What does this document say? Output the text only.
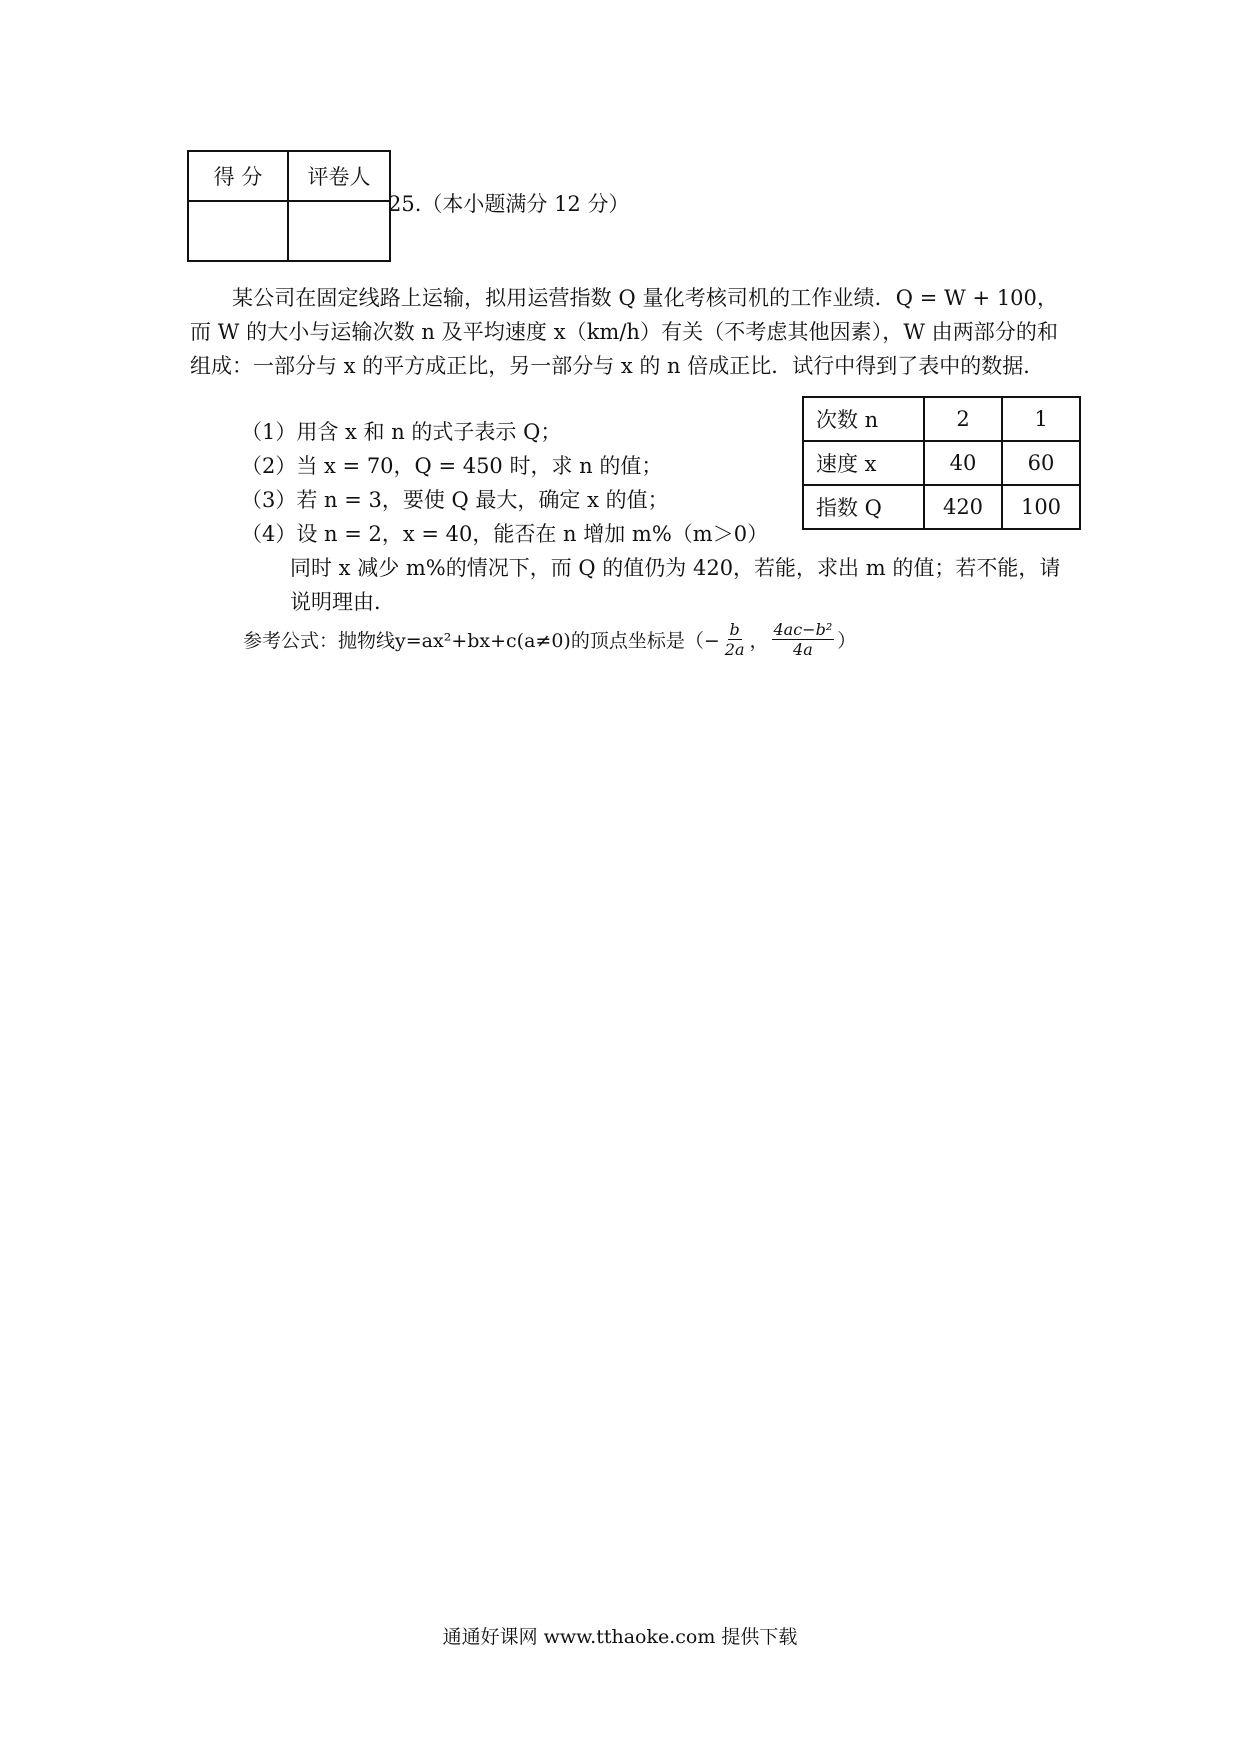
得 分	评卷人

25.（本小题满分 12 分）
某公司在固定线路上运输，拟用运营指数 Q 量化考核司机的工作业绩．Q = W + 100，而 W 的大小与运输次数 n 及平均速度 x（km/h）有关（不考虑其他因素），W 由两部分的和组成：一部分与 x 的平方成正比，另一部分与 x 的 n 倍成正比．试行中得到了表中的数据．
（1）用含 x 和 n 的式子表示 Q；
（2）当 x = 70，Q = 450 时，求 n 的值；
（3）若 n = 3，要使 Q 最大，确定 x 的值；
（4）设 n = 2，x = 40，能否在 n 增加 m%（m＞0）
同时 x 减少 m%的情况下，而 Q 的值仍为 420，若能，求出 m 的值；若不能，请
说明理由．
次数 n	2	1
速度 x	40	60
指数 Q	420	100
参考公式：抛物线y=ax²+bx+c(a≠0)的顶点坐标是（− $\frac{b}{2a}$ ， $\frac{\text{4ac−b²}}{4a}$ ）
通通好课网 www.tthaoke.com 提供下载
